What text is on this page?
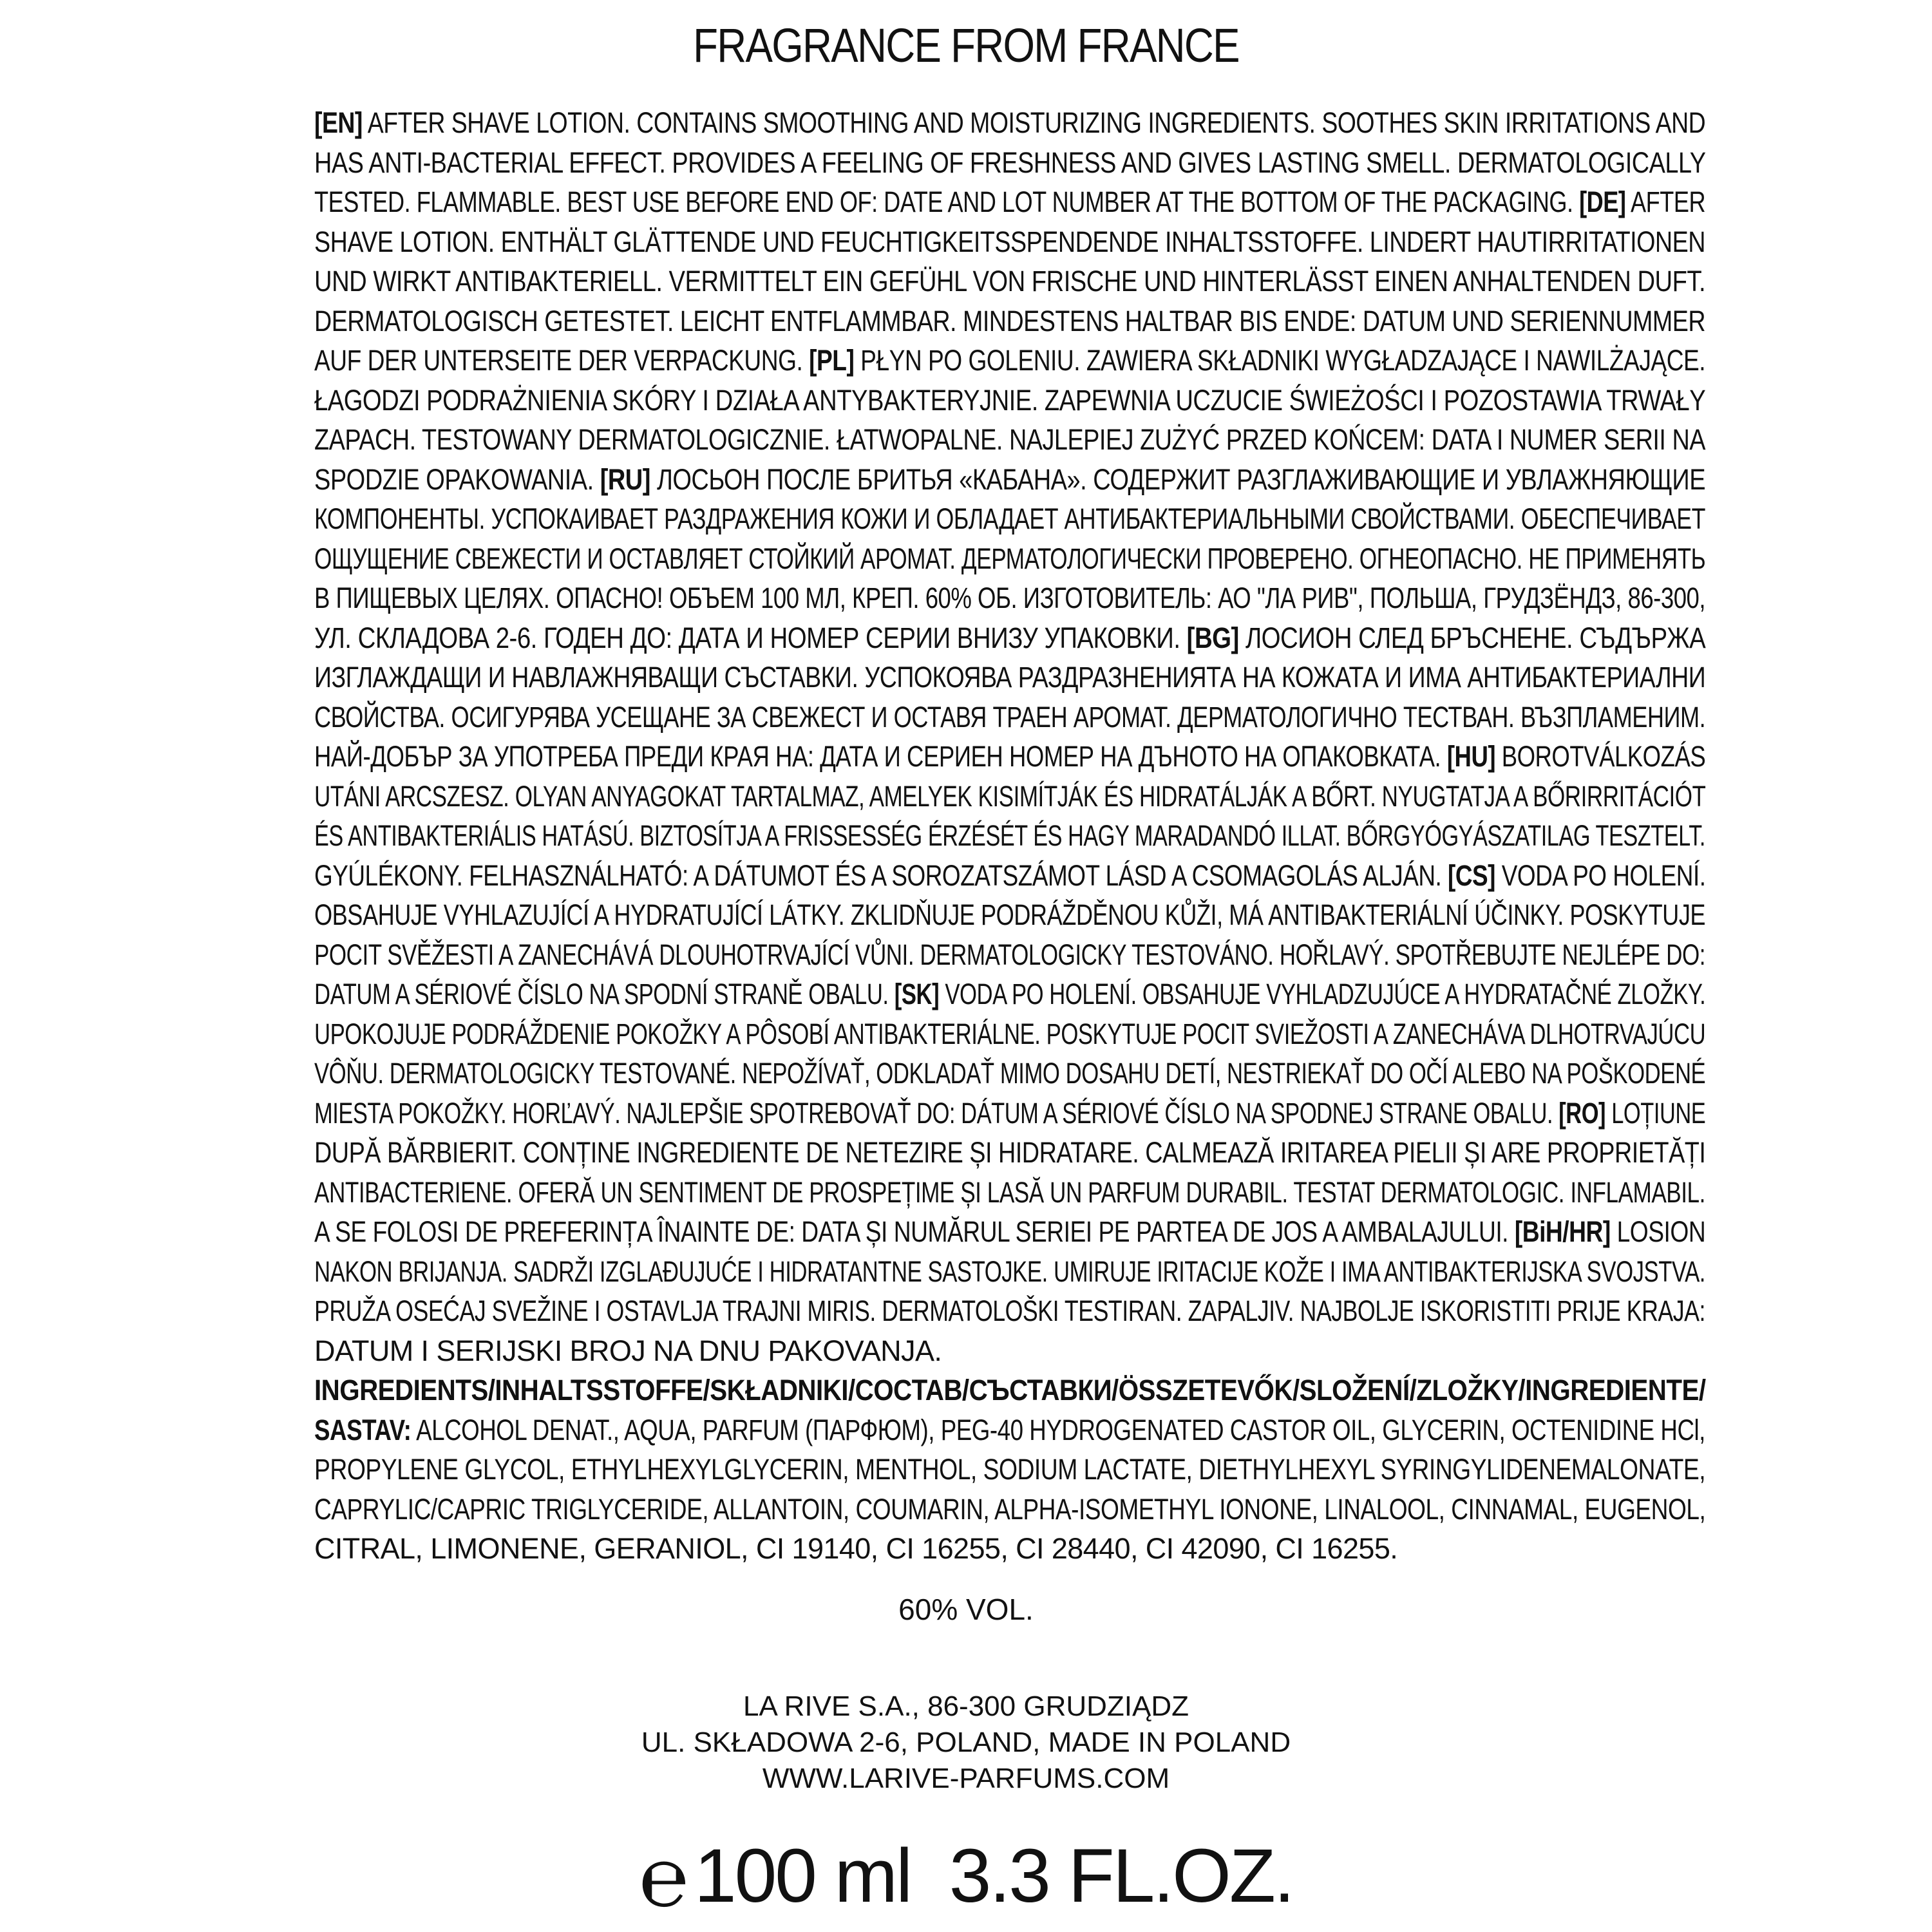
FRAGRANCE FROM FRANCE
[EN] AFTER SHAVE LOTION. CONTAINS SMOOTHING AND MOISTURIZING INGREDIENTS. SOOTHES SKIN IRRITATIONS AND
HAS ANTI-BACTERIAL EFFECT. PROVIDES A FEELING OF FRESHNESS AND GIVES LASTING SMELL. DERMATOLOGICALLY
TESTED. FLAMMABLE. BEST USE BEFORE END OF: DATE AND LOT NUMBER AT THE BOTTOM OF THE PACKAGING. [DE] AFTER
SHAVE LOTION. ENTHÄLT GLÄTTENDE UND FEUCHTIGKEITSSPENDENDE INHALTSSTOFFE. LINDERT HAUTIRRITATIONEN
UND WIRKT ANTIBAKTERIELL. VERMITTELT EIN GEFÜHL VON FRISCHE UND HINTERLÄSST EINEN ANHALTENDEN DUFT.
DERMATOLOGISCH GETESTET. LEICHT ENTFLAMMBAR. MINDESTENS HALTBAR BIS ENDE: DATUM UND SERIENNUMMER
AUF DER UNTERSEITE DER VERPACKUNG. [PL] PŁYN PO GOLENIU. ZAWIERA SKŁADNIKI WYGŁADZAJĄCE I NAWILŻAJĄCE.
ŁAGODZI PODRAŻNIENIA SKÓRY I DZIAŁA ANTYBAKTERYJNIE. ZAPEWNIA UCZUCIE ŚWIEŻOŚCI I POZOSTAWIA TRWAŁY
ZAPACH. TESTOWANY DERMATOLOGICZNIE. ŁATWOPALNE. NAJLEPIEJ ZUŻYĆ PRZED KOŃCEM: DATA I NUMER SERII NA
SPODZIE OPAKOWANIA. [RU] ЛОСЬОН ПОСЛЕ БРИТЬЯ «КАБАНА». СОДЕРЖИТ РАЗГЛАЖИВАЮЩИЕ И УВЛАЖНЯЮЩИЕ
КОМПОНЕНТЫ. УСПОКАИВАЕТ РАЗДРАЖЕНИЯ КОЖИ И ОБЛАДАЕТ АНТИБАКТЕРИАЛЬНЫМИ СВОЙСТВАМИ. ОБЕСПЕЧИВАЕТ
ОЩУЩЕНИЕ СВЕЖЕСТИ И ОСТАВЛЯЕТ СТОЙКИЙ АРОМАТ. ДЕРМАТОЛОГИЧЕСКИ ПРОВЕРЕНО. ОГНЕОПАСНО. НЕ ПРИМЕНЯТЬ
В ПИЩЕВЫХ ЦЕЛЯХ. ОПАСНО! ОБЪЕМ 100 МЛ, КРЕП. 60% ОБ. ИЗГОТОВИТЕЛЬ: АО "ЛА РИВ", ПОЛЬША, ГРУДЗЁНДЗ, 86-300,
УЛ. СКЛАДОВА 2-6. ГОДЕН ДО: ДАТА И НОМЕР СЕРИИ ВНИЗУ УПАКОВКИ. [BG] ЛОСИОН СЛЕД БРЪСНЕНЕ. СЪДЪРЖА
ИЗГЛАЖДАЩИ И НАВЛАЖНЯВАЩИ СЪСТАВКИ. УСПОКОЯВА РАЗДРАЗНЕНИЯТА НА КОЖАТА И ИМА АНТИБАКТЕРИАЛНИ
СВОЙСТВА. ОСИГУРЯВА УСЕЩАНЕ ЗА СВЕЖЕСТ И ОСТАВЯ ТРАЕН АРОМАТ. ДЕРМАТОЛОГИЧНО ТЕСТВАН. ВЪЗПЛАМЕНИМ.
НАЙ-ДОБЪР ЗА УПОТРЕБА ПРЕДИ КРАЯ НА: ДАТА И СЕРИЕН НОМЕР НА ДЪНОТО НА ОПАКОВКАТА. [HU] BOROTVÁLKOZÁS
UTÁNI ARCSZESZ. OLYAN ANYAGOKAT TARTALMAZ, AMELYEK KISIMÍTJÁK ÉS HIDRATÁLJÁK A BŐRT. NYUGTATJA A BŐRIRRITÁCIÓT
ÉS ANTIBAKTERIÁLIS HATÁSÚ. BIZTOSÍTJA A FRISSESSÉG ÉRZÉSÉT ÉS HAGY MARADANDÓ ILLAT. BŐRGYÓGYÁSZATILAG TESZTELT.
GYÚLÉKONY. FELHASZNÁLHATÓ: A DÁTUMOT ÉS A SOROZATSZÁMOT LÁSD A CSOMAGOLÁS ALJÁN. [CS] VODA PO HOLENÍ.
OBSAHUJE VYHLAZUJÍCÍ A HYDRATUJÍCÍ LÁTKY. ZKLIDŇUJE PODRÁŽDĚNOU KŮŽI, MÁ ANTIBAKTERIÁLNÍ ÚČINKY. POSKYTUJE
POCIT SVĚŽESTI A ZANECHÁVÁ DLOUHOTRVAJÍCÍ VŮNI. DERMATOLOGICKY TESTOVÁNO. HOŘLAVÝ. SPOTŘEBUJTE NEJLÉPE DO:
DATUM A SÉRIOVÉ ČÍSLO NA SPODNÍ STRANĚ OBALU. [SK] VODA PO HOLENÍ. OBSAHUJE VYHLADZUJÚCE A HYDRATAČNÉ ZLOŽKY.
UPOKOJUJE PODRÁŽDENIE POKOŽKY A PÔSOBÍ ANTIBAKTERIÁLNE. POSKYTUJE POCIT SVIEŽOSTI A ZANECHÁVA DLHOTRVAJÚCU
VÔŇU. DERMATOLOGICKY TESTOVANÉ. NEPOŽÍVAŤ, ODKLADAŤ MIMO DOSAHU DETÍ, NESTRIEKAŤ DO OČÍ ALEBO NA POŠKODENÉ
MIESTA POKOŽKY. HORĽAVÝ. NAJLEPŠIE SPOTREBOVAŤ DO: DÁTUM A SÉRIOVÉ ČÍSLO NA SPODNEJ STRANE OBALU. [RO] LOȚIUNE
DUPĂ BĂRBIERIT. CONȚINE INGREDIENTE DE NETEZIRE ȘI HIDRATARE. CALMEAZĂ IRITAREA PIELII ȘI ARE PROPRIETĂȚI
ANTIBACTERIENE. OFERĂ UN SENTIMENT DE PROSPEȚIME ȘI LASĂ UN PARFUM DURABIL. TESTAT DERMATOLOGIC. INFLAMABIL.
A SE FOLOSI DE PREFERINȚA ÎNAINTE DE: DATA ȘI NUMĂRUL SERIEI PE PARTEA DE JOS A AMBALAJULUI. [BiH/HR] LOSION
NAKON BRIJANJA. SADRŽI IZGLAĐUJUĆE I HIDRATANTNE SASTOJKE. UMIRUJE IRITACIJE KOŽE I IMA ANTIBAKTERIJSKA SVOJSTVA.
PRUŽA OSEĆAJ SVEŽINE I OSTAVLJA TRAJNI MIRIS. DERMATOLOŠKI TESTIRAN. ZAPALJIV. NAJBOLJE ISKORISTITI PRIJE KRAJA:
DATUM I SERIJSKI BROJ NA DNU PAKOVANJA.
INGREDIENTS/INHALTSSTOFFE/SKŁADNIKI/COCTAB/СЪСТАВКИ/ÖSSZETEVŐK/SLOŽENÍ/ZLOŽKY/INGREDIENTE/
SASTAV: ALCOHOL DENAT., AQUA, PARFUM (ПАРФЮМ), PEG-40 HYDROGENATED CASTOR OIL, GLYCERIN, OCTENIDINE HCl,
PROPYLENE GLYCOL, ETHYLHEXYLGLYCERIN, MENTHOL, SODIUM LACTATE, DIETHYLHEXYL SYRINGYLIDENEMALONATE,
CAPRYLIC/CAPRIC TRIGLYCERIDE, ALLANTOIN, COUMARIN, ALPHA-ISOMETHYL IONONE, LINALOOL, CINNAMAL, EUGENOL,
CITRAL, LIMONENE, GERANIOL, CI 19140, CI 16255, CI 28440, CI 42090, CI 16255.
60% VOL.
LA RIVE S.A., 86-300 GRUDZIĄDZ
UL. SKŁADOWA 2-6, POLAND, MADE IN POLAND
WWW.LARIVE-PARFUMS.COM
℮ 100 ml  3.3 FL.OZ.
